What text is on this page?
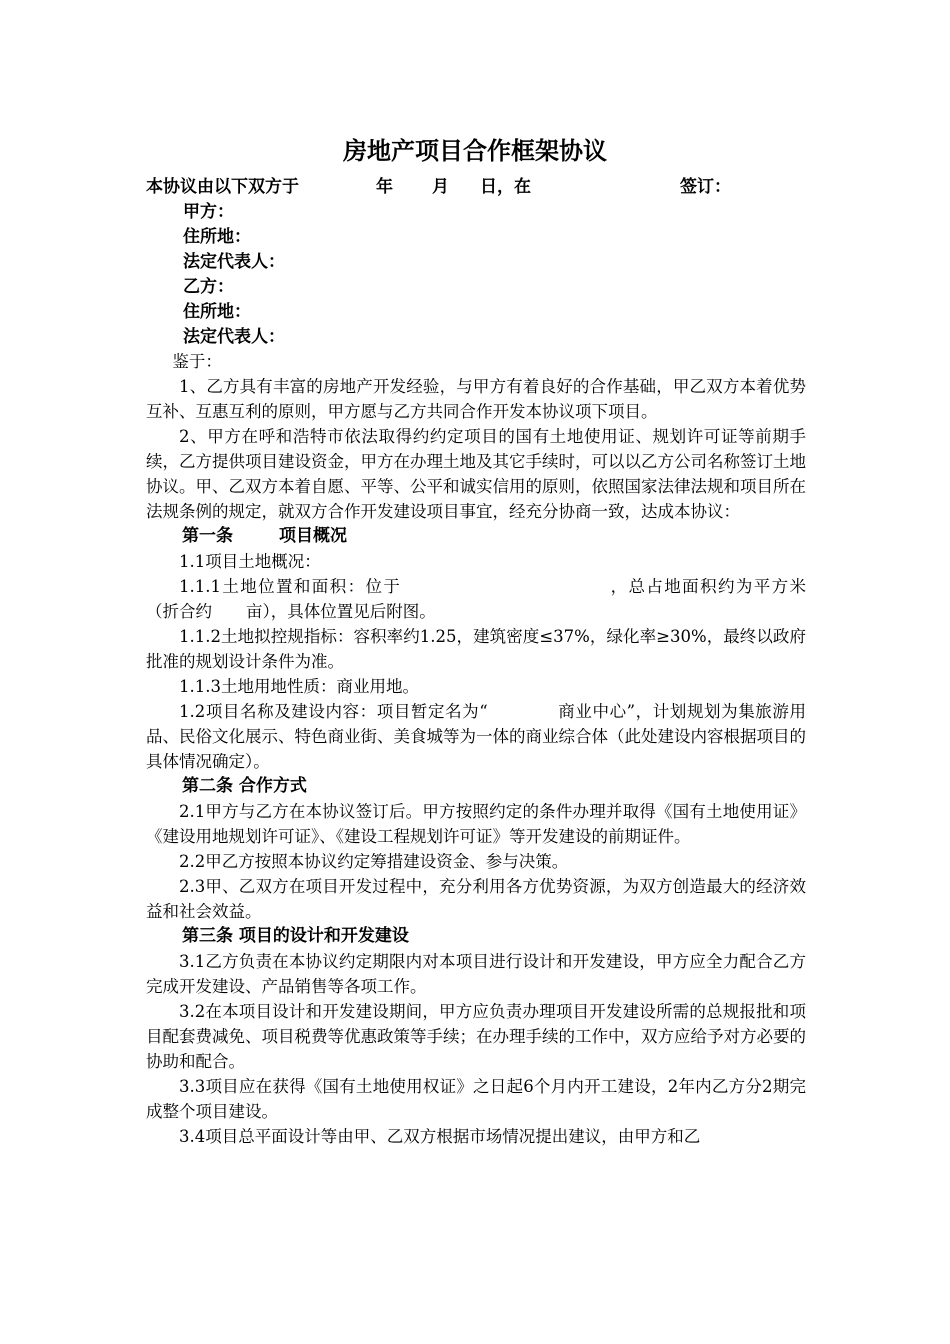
房地产项目合作框架协议

本协议由以下双方于

	年

月

日，在

	签订：

甲方：
住所地：
法定代表人：
乙方：
住所地：
法定代表人：

鉴于：

1、乙方具有丰富的房地产开发经验，与甲方有着良好的合作基础，甲乙双方本着优势互补、互惠互利的原则，甲方愿与乙方共同合作开发本协议项下项目。

2、甲方在呼和浩特市依法取得约约定项目的国有土地使用证、规划许可证等前期手续，乙方提供项目建设资金，甲方在办理土地及其它手续时，可以以乙方公司名称签订土地协议。甲、乙双方本着自愿、平等、公平和诚实信用的原则，依照国家法律法规和项目所在法规条例的规定，就双方合作开发建设项目事宜，经充分协商一致，达成本协议：

第一条	项目概况

1.1项目土地概况：

1.1.1土地位置和面积：位于	，总占地面积约为平方米（折合约 亩），具体位置见后附图。

1.1.2土地拟控规指标：容积率约1.25，建筑密度≤37%，绿化率≥30%，最终以政府批准的规划设计条件为准。

1.1.3土地用地性质：商业用地。

1.2项目名称及建设内容：项目暂定名为“	商业中心”，计划规划为集旅游用品、民俗文化展示、特色商业街、美食城等为一体的商业综合体（此处建设内容根据项目的具体情况确定）。

第二条 合作方式

2.1甲方与乙方在本协议签订后。甲方按照约定的条件办理并取得《国有土地使用证》《建设用地规划许可证》、《建设工程规划许可证》等开发建设的前期证件。

2.2甲乙方按照本协议约定筹措建设资金、参与决策。

2.3甲、乙双方在项目开发过程中，充分利用各方优势资源，为双方创造最大的经济效益和社会效益。

第三条 项目的设计和开发建设

3.1乙方负责在本协议约定期限内对本项目进行设计和开发建设，甲方应全力配合乙方完成开发建设、产品销售等各项工作。

3.2在本项目设计和开发建设期间，甲方应负责办理项目开发建设所需的总规报批和项目配套费减免、项目税费等优惠政策等手续；在办理手续的工作中，双方应给予对方必要的协助和配合。

3.3项目应在获得《国有土地使用权证》之日起6个月内开工建设，2年内乙方分2期完成整个项目建设。

3.4项目总平面设计等由甲、乙双方根据市场情况提出建议，由甲方和乙
